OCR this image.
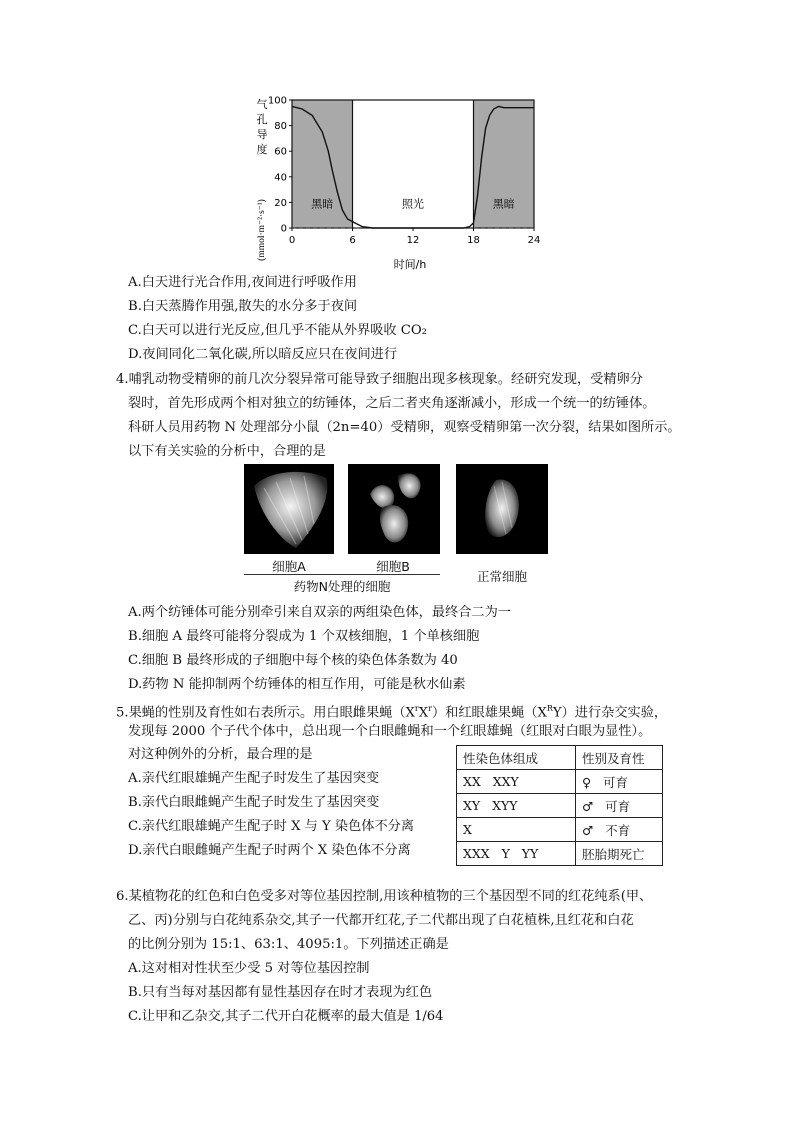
气
孔
导
度
(mmol·m⁻²·s⁻¹) 0
20
40
60
80
100
0	6	12	18	24
黑暗	照光	黑暗
时间/h
A.白天进行光合作用,夜间进行呼吸作用
B.白天蒸腾作用强,散失的水分多于夜间
C.白天可以进行光反应,但几乎不能从外界吸收 CO₂
D.夜间同化二氧化碳,所以暗反应只在夜间进行
4.哺乳动物受精卵的前几次分裂异常可能导致子细胞出现多核现象。经研究发现，受精卵分
裂时，首先形成两个相对独立的纺锤体，之后二者夹角逐渐减小，形成一个统一的纺锤体。
科研人员用药物 N 处理部分小鼠（2n=40）受精卵，观察受精卵第一次分裂，结果如图所示。
以下有关实验的分析中，合理的是
细胞A	细胞B
药物N处理的细胞
正常细胞
A.两个纺锤体可能分别牵引来自双亲的两组染色体，最终合二为一
B.细胞 A 最终可能将分裂成为 1 个双核细胞，1 个单核细胞
C.细胞 B 最终形成的子细胞中每个核的染色体条数为 40
D.药物 N 能抑制两个纺锤体的相互作用，可能是秋水仙素
5.果蝇的性别及育性如右表所示。用白眼雌果蝇$(X^rX^r)$和红眼雄果蝇$(X^RY)$进行杂交实验，
发现每 2000 个子代个体中，总出现一个白眼雌蝇和一个红眼雄蝇（红眼对白眼为显性）。
对这种例外的分析，最合理的是
A.亲代红眼雄蝇产生配子时发生了基因突变
B.亲代白眼雌蝇产生配子时发生了基因突变
C.亲代红眼雄蝇产生配子时 X 与 Y 染色体不分离
D.亲代白眼雌蝇产生配子时两个 X 染色体不分离
性染色体组成	性别及育性
XX   XXY	♀   可育
XY   XYY	♂   可育
X	♂   不育
XXX   Y   YY	胚胎期死亡
6.某植物花的红色和白色受多对等位基因控制,用该种植物的三个基因型不同的红花纯系(甲、
乙、丙)分别与白花纯系杂交,其子一代都开红花,子二代都出现了白花植株,且红花和白花
的比例分别为 15:1、63:1、4095:1。下列描述正确是
A.这对相对性状至少受 5 对等位基因控制
B.只有当每对基因都有显性基因存在时才表现为红色
C.让甲和乙杂交,其子二代开白花概率的最大值是 1/64
